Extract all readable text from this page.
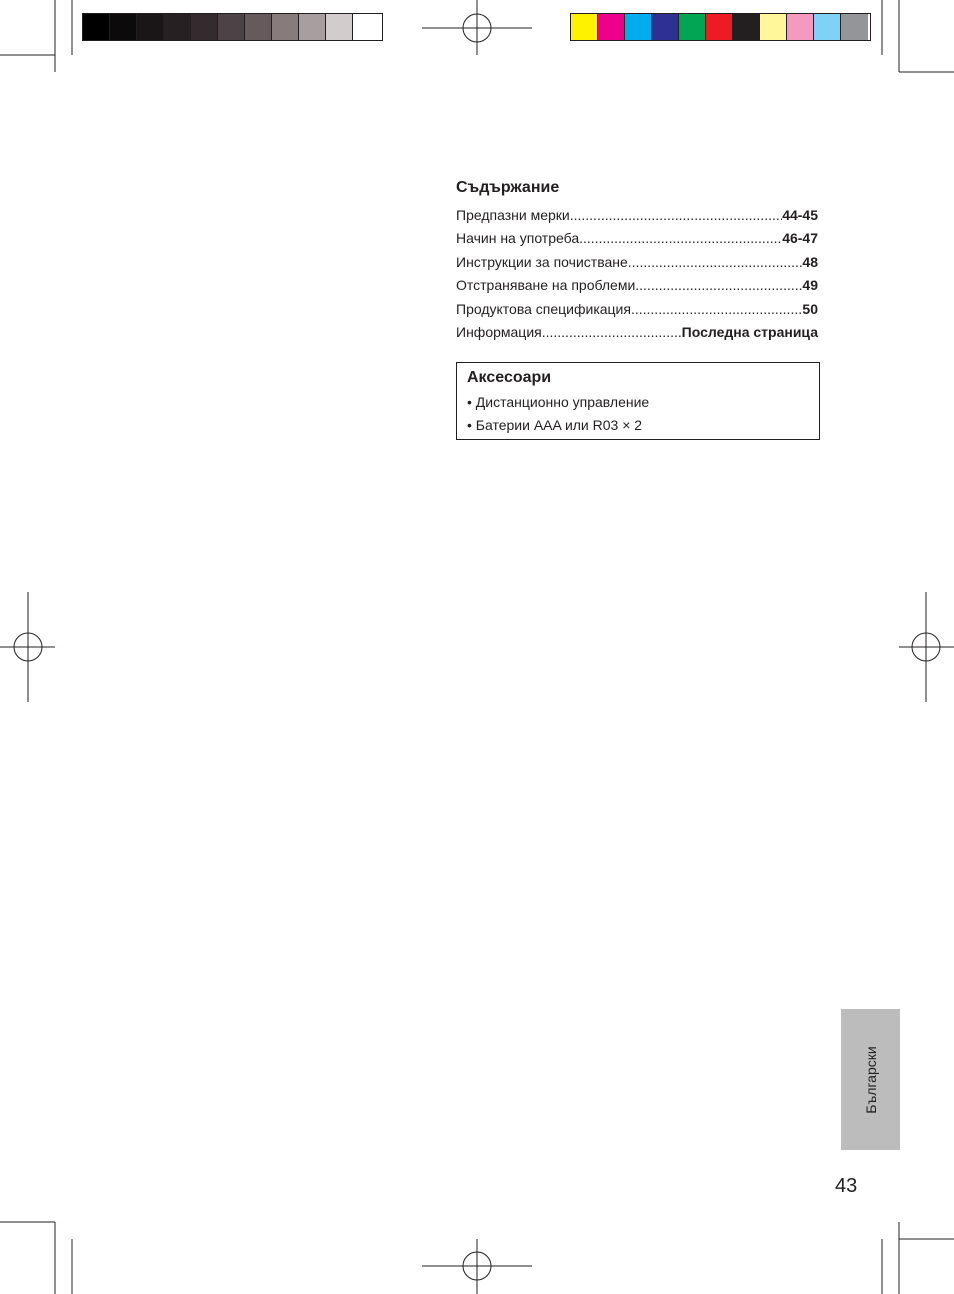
Съдържание
Предпазни мерки .....	44-45
Начин на употреба .....	46-47
Инструкции за почистване .....	48
Отстраняване на проблеми .....	49
Продуктова спецификация .....	50
Информация .....	Последна страница
Аксесоари
• Дистанционно управление
• Батерии AAA или R03 × 2
Български
43
